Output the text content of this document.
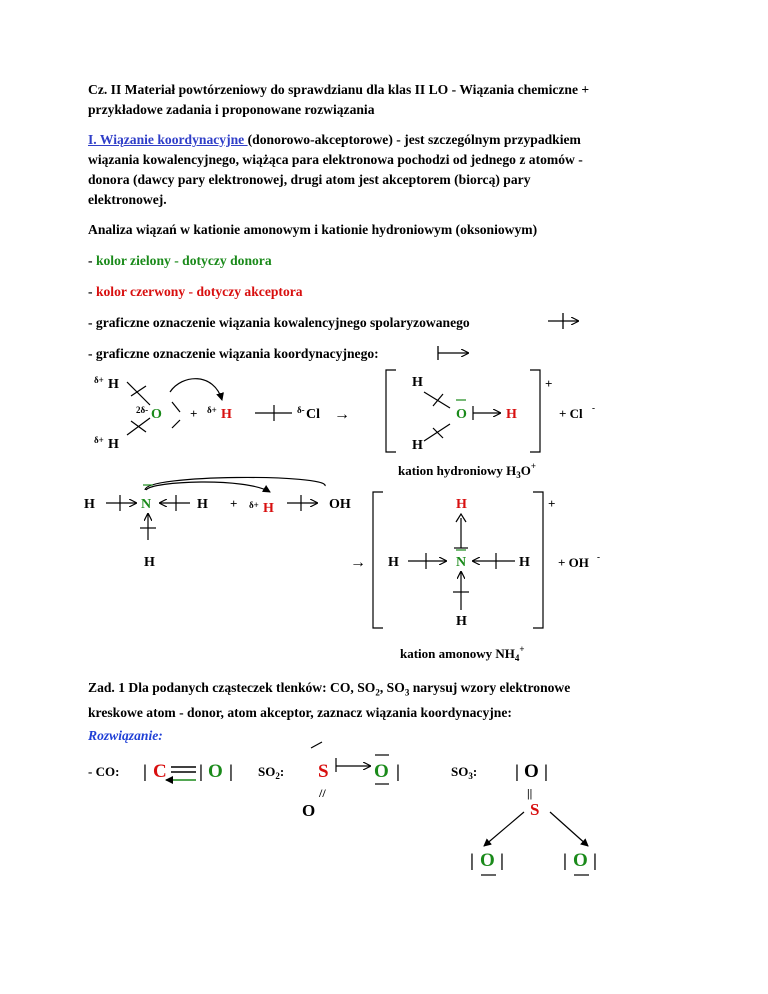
Cz. II Materiał powtórzeniowy do sprawdzianu dla klas II LO - Wiązania chemiczne +
przykładowe zadania i proponowane rozwiązania

I. Wiązanie koordynacyjne (donorowo-akceptorowe) - jest szczególnym przypadkiem
wiązania kowalencyjnego, wiążąca para elektronowa pochodzi od jednego z atomów -
donora (dawcy pary elektronowej, drugi atom jest akceptorem (biorcą) pary
elektronowej.

Analiza wiązań w kationie amonowym i kationie hydroniowym (oksoniowym)

- kolor zielony - dotyczy donora

- kolor czerwony - dotyczy akceptora

- graficzne oznaczenie wiązania kowalencyjnego spolaryzowanego

- graficzne oznaczenie wiązania koordynacyjnego:

δ+ H
2δ- O
δ+ H
+ δ+ H	δ- Cl →
+
H
O
H
H	+ Cl -
kation hydroniowy $H_3O^+$
H	N	H
H
+ δ+ H	OH	+
H
N
→ H	H
H
+ OH -
kation amonowy $NH_4^+$
- CO: | C | O | $SO_2$: S O |
//
O
$SO_3$: | O |
||
S
| O |	| O |

Zad. 1 Dla podanych cząsteczek tlenków: CO, $SO_2$, $SO_3$ narysuj wzory elektronowe
kreskowe atom - donor, atom akceptor, zaznacz wiązania koordynacyjne:

Rozwiązanie:
